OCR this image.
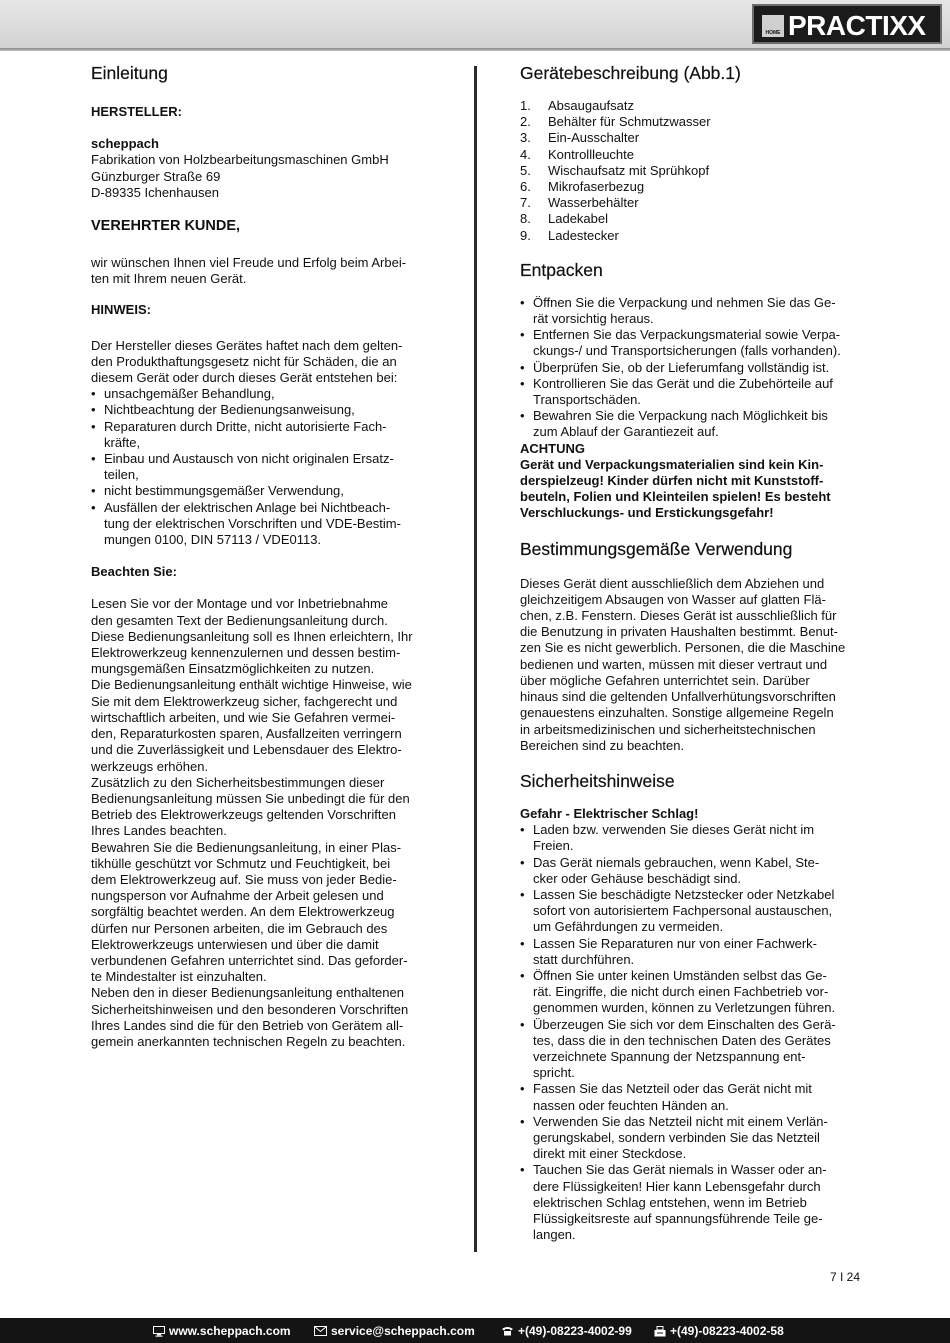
HOME PRACTIXX
Einleitung

HERSTELLER:

scheppach

Fabrikation von Holzbearbeitungsmaschinen GmbH

Günzburger Straße 69

D-89335 Ichenhausen

VEREHRTER KUNDE,

wir wünschen Ihnen viel Freude und Erfolg beim Arbei-

ten mit Ihrem neuen Gerät.

HINWEIS:

Der Hersteller dieses Gerätes haftet nach dem gelten-

den Produkthaftungsgesetz nicht für Schäden, die an

diesem Gerät oder durch dieses Gerät entstehen bei:

• unsachgemäßer Behandlung,
• Nichtbeachtung der Bedienungsanweisung,
• Reparaturen durch Dritte, nicht autorisierte Fach-
kräfte,
• Einbau und Austausch von nicht originalen Ersatz-
teilen,
• nicht bestimmungsgemäßer Verwendung,
• Ausfällen der elektrischen Anlage bei Nichtbeach-
tung der elektrischen Vorschriften und VDE-Bestim-
mungen 0100, DIN 57113 / VDE0113.

Beachten Sie:

Lesen Sie vor der Montage und vor Inbetriebnahme

den gesamten Text der Bedienungsanleitung durch.

Diese Bedienungsanleitung soll es Ihnen erleichtern, Ihr

Elektrowerkzeug kennenzulernen und dessen bestim-

mungsgemäßen Einsatzmöglichkeiten zu nutzen.

Die Bedienungsanleitung enthält wichtige Hinweise, wie

Sie mit dem Elektrowerkzeug sicher, fachgerecht und

wirtschaftlich arbeiten, und wie Sie Gefahren vermei-

den, Reparaturkosten sparen, Ausfallzeiten verringern

und die Zuverlässigkeit und Lebensdauer des Elektro-

werkzeugs erhöhen.

Zusätzlich zu den Sicherheitsbestimmungen dieser

Bedienungsanleitung müssen Sie unbedingt die für den

Betrieb des Elektrowerkzeugs geltenden Vorschriften

Ihres Landes beachten.

Bewahren Sie die Bedienungsanleitung, in einer Plas-

tikhülle geschützt vor Schmutz und Feuchtigkeit, bei

dem Elektrowerkzeug auf. Sie muss von jeder Bedie-

nungsperson vor Aufnahme der Arbeit gelesen und

sorgfältig beachtet werden. An dem Elektrowerkzeug

dürfen nur Personen arbeiten, die im Gebrauch des

Elektrowerkzeugs unterwiesen und über die damit

verbundenen Gefahren unterrichtet sind. Das geforder-

te Mindestalter ist einzuhalten.

Neben den in dieser Bedienungsanleitung enthaltenen

Sicherheitshinweisen und den besonderen Vorschriften

Ihres Landes sind die für den Betrieb von Gerätem all-

gemein anerkannten technischen Regeln zu beachten.

Gerätebeschreibung (Abb.1)
1.	Absaugaufsatz
2.	Behälter für Schmutzwasser
3.	Ein-Ausschalter
4.	Kontrollleuchte
5.	Wischaufsatz mit Sprühkopf
6.	Mikrofaserbezug
7.	Wasserbehälter
8.	Ladekabel
9.	Ladestecker
Entpacken
• Öffnen Sie die Verpackung und nehmen Sie das Ge-
rät vorsichtig heraus.
• Entfernen Sie das Verpackungsmaterial sowie Verpa-
ckungs-/ und Transportsicherungen (falls vorhanden).
• Überprüfen Sie, ob der Lieferumfang vollständig ist.
• Kontrollieren Sie das Gerät und die Zubehörteile auf
Transportschäden.
• Bewahren Sie die Verpackung nach Möglichkeit bis
zum Ablauf der Garantiezeit auf.

ACHTUNG

Gerät und Verpackungsmaterialien sind kein Kin-

derspielzeug! Kinder dürfen nicht mit Kunststoff-

beuteln, Folien und Kleinteilen spielen! Es besteht

Verschluckungs- und Erstickungsgefahr!

Bestimmungsgemäße Verwendung

Dieses Gerät dient ausschließlich dem Abziehen und

gleichzeitigem Absaugen von Wasser auf glatten Flä-

chen, z.B. Fenstern. Dieses Gerät ist ausschließlich für

die Benutzung in privaten Haushalten bestimmt. Benut-

zen Sie es nicht gewerblich. Personen, die die Maschine

bedienen und warten, müssen mit dieser vertraut und

über mögliche Gefahren unterrichtet sein. Darüber

hinaus sind die geltenden Unfallverhütungsvorschriften

genauestens einzuhalten. Sonstige allgemeine Regeln

in arbeitsmedizinischen und sicherheitstechnischen

Bereichen sind zu beachten.

Sicherheitshinweise

Gefahr - Elektrischer Schlag!

• Laden bzw. verwenden Sie dieses Gerät nicht im
Freien.
• Das Gerät niemals gebrauchen, wenn Kabel, Ste-
cker oder Gehäuse beschädigt sind.
• Lassen Sie beschädigte Netzstecker oder Netzkabel
sofort von autorisiertem Fachpersonal austauschen,
um Gefährdungen zu vermeiden.
• Lassen Sie Reparaturen nur von einer Fachwerk-
statt durchführen.
• Öffnen Sie unter keinen Umständen selbst das Ge-
rät. Eingriffe, die nicht durch einen Fachbetrieb vor-
genommen wurden, können zu Verletzungen führen.
• Überzeugen Sie sich vor dem Einschalten des Gerä-
tes, dass die in den technischen Daten des Gerätes
verzeichnete Spannung der Netzspannung ent-
spricht.
• Fassen Sie das Netzteil oder das Gerät nicht mit
nassen oder feuchten Händen an.
• Verwenden Sie das Netzteil nicht mit einem Verlän-
gerungskabel, sondern verbinden Sie das Netzteil
direkt mit einer Steckdose.
• Tauchen Sie das Gerät niemals in Wasser oder an-
dere Flüssigkeiten! Hier kann Lebensgefahr durch
elektrischen Schlag entstehen, wenn im Betrieb
Flüssigkeitsreste auf spannungsführende Teile ge-
langen.
7 I 24
www.scheppach.com	service@scheppach.com	+(49)-08223-4002-99	+(49)-08223-4002-58
